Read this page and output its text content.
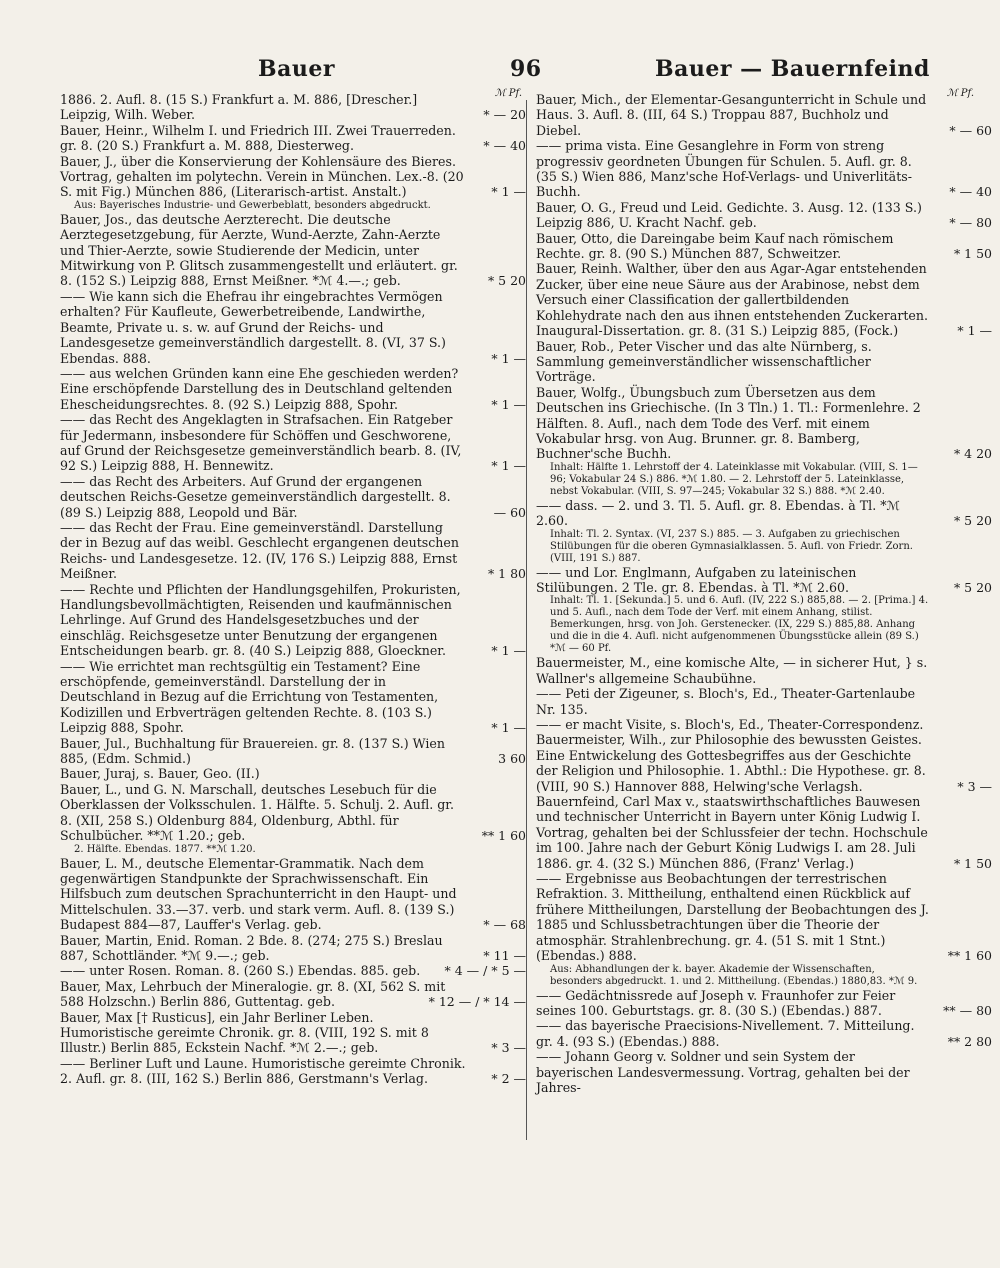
Bauer	96	Bauer — Bauernfeind
ℳ Pf.
1886. 2. Aufl. 8. (15 S.) Frankfurt a. M. 886, [Drescher.] Leipzig, Wilh. Weber.	* — 20
Bauer, Heinr., Wilhelm I. und Friedrich III. Zwei Trauerreden. gr. 8. (20 S.) Frankfurt a. M. 888, Diesterweg.	* — 40
Bauer, J., über die Konservierung der Kohlensäure des Bieres. Vortrag, gehalten im polytechn. Verein in München. Lex.-8. (20 S. mit Fig.) München 886, (Literarisch-artist. Anstalt.)	* 1 —
Aus: Bayerisches Industrie- und Gewerbeblatt, besonders abgedruckt.
Bauer, Jos., das deutsche Aerzterecht. Die deutsche Aerztegesetzgebung, für Aerzte, Wund-Aerzte, Zahn-Aerzte und Thier-Aerzte, sowie Studierende der Medicin, unter Mitwirkung von P. Glitsch zusammengestellt und erläutert. gr. 8. (152 S.) Leipzig 888, Ernst Meißner. *ℳ 4.—.; geb.	* 5 20
—— Wie kann sich die Ehefrau ihr eingebrachtes Vermögen erhalten? Für Kaufleute, Gewerbetreibende, Landwirthe, Beamte, Private u. s. w. auf Grund der Reichs- und Landesgesetze gemeinverständlich dargestellt. 8. (VI, 37 S.) Ebendas. 888.	* 1 —
—— aus welchen Gründen kann eine Ehe geschieden werden? Eine erschöpfende Darstellung des in Deutschland geltenden Ehescheidungsrechtes. 8. (92 S.) Leipzig 888, Spohr.	* 1 —
—— das Recht des Angeklagten in Strafsachen. Ein Ratgeber für Jedermann, insbesondere für Schöffen und Geschworene, auf Grund der Reichsgesetze gemeinverständlich bearb. 8. (IV, 92 S.) Leipzig 888, H. Bennewitz.	* 1 —
—— das Recht des Arbeiters. Auf Grund der ergangenen deutschen Reichs-Gesetze gemeinverständlich dargestellt. 8. (89 S.) Leipzig 888, Leopold und Bär.	— 60
—— das Recht der Frau. Eine gemeinverständl. Darstellung der in Bezug auf das weibl. Geschlecht ergangenen deutschen Reichs- und Landesgesetze. 12. (IV, 176 S.) Leipzig 888, Ernst Meißner.	* 1 80
—— Rechte und Pflichten der Handlungsgehilfen, Prokuristen, Handlungsbevollmächtigten, Reisenden und kaufmännischen Lehrlinge. Auf Grund des Handelsgesetzbuches und der einschläg. Reichsgesetze unter Benutzung der ergangenen Entscheidungen bearb. gr. 8. (40 S.) Leipzig 888, Gloeckner.	* 1 —
—— Wie errichtet man rechtsgültig ein Testament? Eine erschöpfende, gemeinverständl. Darstellung der in Deutschland in Bezug auf die Errichtung von Testamenten, Kodizillen und Erbverträgen geltenden Rechte. 8. (103 S.) Leipzig 888, Spohr.	* 1 —
Bauer, Jul., Buchhaltung für Brauereien. gr. 8. (137 S.) Wien 885, (Edm. Schmid.)	3 60
Bauer, Juraj, s. Bauer, Geo. (II.)
Bauer, L., und G. N. Marschall, deutsches Lesebuch für die Oberklassen der Volksschulen. 1. Hälfte. 5. Schulj. 2. Aufl. gr. 8. (XII, 258 S.) Oldenburg 884, Oldenburg, Abthl. für Schulbücher. **ℳ 1.20.; geb.	** 1 60
2. Hälfte. Ebendas. 1877. **ℳ 1.20.
Bauer, L. M., deutsche Elementar-Grammatik. Nach dem gegenwärtigen Standpunkte der Sprachwissenschaft. Ein Hilfsbuch zum deutschen Sprachunterricht in den Haupt- und Mittelschulen. 33.—37. verb. und stark verm. Aufl. 8. (139 S.) Budapest 884—87, Lauffer's Verlag. geb.	* — 68
Bauer, Martin, Enid. Roman. 2 Bde. 8. (274; 275 S.) Breslau 887, Schottländer. *ℳ 9.—.; geb.	* 11 —
—— unter Rosen. Roman. 8. (260 S.) Ebendas. 885. geb. * 4 — / * 5 —
Bauer, Max, Lehrbuch der Mineralogie. gr. 8. (XI, 562 S. mit 588 Holzschn.) Berlin 886, Guttentag. geb.	* 12 — / * 14 —
Bauer, Max [† Rusticus], ein Jahr Berliner Leben. Humoristische gereimte Chronik. gr. 8. (VIII, 192 S. mit 8 Illustr.) Berlin 885, Eckstein Nachf. *ℳ 2.—.; geb.	* 3 —
—— Berliner Luft und Laune. Humoristische gereimte Chronik. 2. Aufl. gr. 8. (III, 162 S.) Berlin 886, Gerstmann's Verlag.	* 2 —
ℳ Pf.
Bauer, Mich., der Elementar-Gesangunterricht in Schule und Haus. 3. Aufl. 8. (III, 64 S.) Troppau 887, Buchholz und Diebel.	* — 60
—— prima vista. Eine Gesanglehre in Form von streng progressiv geordneten Übungen für Schulen. 5. Aufl. gr. 8. (35 S.) Wien 886, Manz'sche Hof-Verlags- und Univerlitäts-Buchh.	* — 40
Bauer, O. G., Freud und Leid. Gedichte. 3. Ausg. 12. (133 S.) Leipzig 886, U. Kracht Nachf. geb.	* — 80
Bauer, Otto, die Dareingabe beim Kauf nach römischem Rechte. gr. 8. (90 S.) München 887, Schweitzer.	* 1 50
Bauer, Reinh. Walther, über den aus Agar-Agar entstehenden Zucker, über eine neue Säure aus der Arabinose, nebst dem Versuch einer Classification der gallertbildenden Kohlehydrate nach den aus ihnen entstehenden Zuckerarten. Inaugural-Dissertation. gr. 8. (31 S.) Leipzig 885, (Fock.)	* 1 —
Bauer, Rob., Peter Vischer und das alte Nürnberg, s. Sammlung gemeinverständlicher wissenschaftlicher Vorträge.
Bauer, Wolfg., Übungsbuch zum Übersetzen aus dem Deutschen ins Griechische. (In 3 Tln.) 1. Tl.: Formenlehre. 2 Hälften. 8. Aufl., nach dem Tode des Verf. mit einem Vokabular hrsg. von Aug. Brunner. gr. 8. Bamberg, Buchner'sche Buchh.	* 4 20
Inhalt: Hälfte 1. Lehrstoff der 4. Lateinklasse mit Vokabular. (VIII, S. 1—96; Vokabular 24 S.) 886. *ℳ 1.80. — 2. Lehrstoff der 5. Lateinklasse, nebst Vokabular. (VIII, S. 97—245; Vokabular 32 S.) 888. *ℳ 2.40.
—— dass. — 2. und 3. Tl. 5. Aufl. gr. 8. Ebendas. à Tl. *ℳ 2.60.	* 5 20
Inhalt: Tl. 2. Syntax. (VI, 237 S.) 885. — 3. Aufgaben zu griechischen Stilübungen für die oberen Gymnasialklassen. 5. Aufl. von Friedr. Zorn. (VIII, 191 S.) 887.
—— und Lor. Englmann, Aufgaben zu lateinischen Stilübungen. 2 Tle. gr. 8. Ebendas. à Tl. *ℳ 2.60.	* 5 20
Inhalt: Tl. 1. [Sekunda.] 5. und 6. Aufl. (IV, 222 S.) 885,88. — 2. [Prima.] 4. und 5. Aufl., nach dem Tode der Verf. mit einem Anhang, stilist. Bemerkungen, hrsg. von Joh. Gerstenecker. (IX, 229 S.) 885,88. Anhang und die in die 4. Aufl. nicht aufgenommenen Übungsstücke allein (89 S.) *ℳ — 60 Pf.
Bauermeister, M., eine komische Alte, — in sicherer Hut, } s. Wallner's allgemeine Schaubühne.
—— Peti der Zigeuner, s. Bloch's, Ed., Theater-Gartenlaube Nr. 135.
—— er macht Visite, s. Bloch's, Ed., Theater-Correspondenz.
Bauermeister, Wilh., zur Philosophie des bewussten Geistes. Eine Entwickelung des Gottesbegriffes aus der Geschichte der Religion und Philosophie. 1. Abthl.: Die Hypothese. gr. 8. (VIII, 90 S.) Hannover 888, Helwing'sche Verlagsh.	* 3 —
Bauernfeind, Carl Max v., staatswirthschaftliches Bauwesen und technischer Unterricht in Bayern unter König Ludwig I. Vortrag, gehalten bei der Schlussfeier der techn. Hochschule im 100. Jahre nach der Geburt König Ludwigs I. am 28. Juli 1886. gr. 4. (32 S.) München 886, (Franz' Verlag.)	* 1 50
—— Ergebnisse aus Beobachtungen der terrestrischen Refraktion. 3. Mittheilung, enthaltend einen Rückblick auf frühere Mittheilungen, Darstellung der Beobachtungen des J. 1885 und Schlussbetrachtungen über die Theorie der atmosphär. Strahlenbrechung. gr. 4. (51 S. mit 1 Stnt.) (Ebendas.) 888.	** 1 60
Aus: Abhandlungen der k. bayer. Akademie der Wissenschaften, besonders abgedruckt. 1. und 2. Mittheilung. (Ebendas.) 1880,83. *ℳ 9.
—— Gedächtnissrede auf Joseph v. Fraunhofer zur Feier seines 100. Geburtstags. gr. 8. (30 S.) (Ebendas.) 887.	** — 80
—— das bayerische Praecisions-Nivellement. 7. Mitteilung. gr. 4. (93 S.) (Ebendas.) 888.	** 2 80
—— Johann Georg v. Soldner und sein System der bayerischen Landesvermessung. Vortrag, gehalten bei der Jahres-
